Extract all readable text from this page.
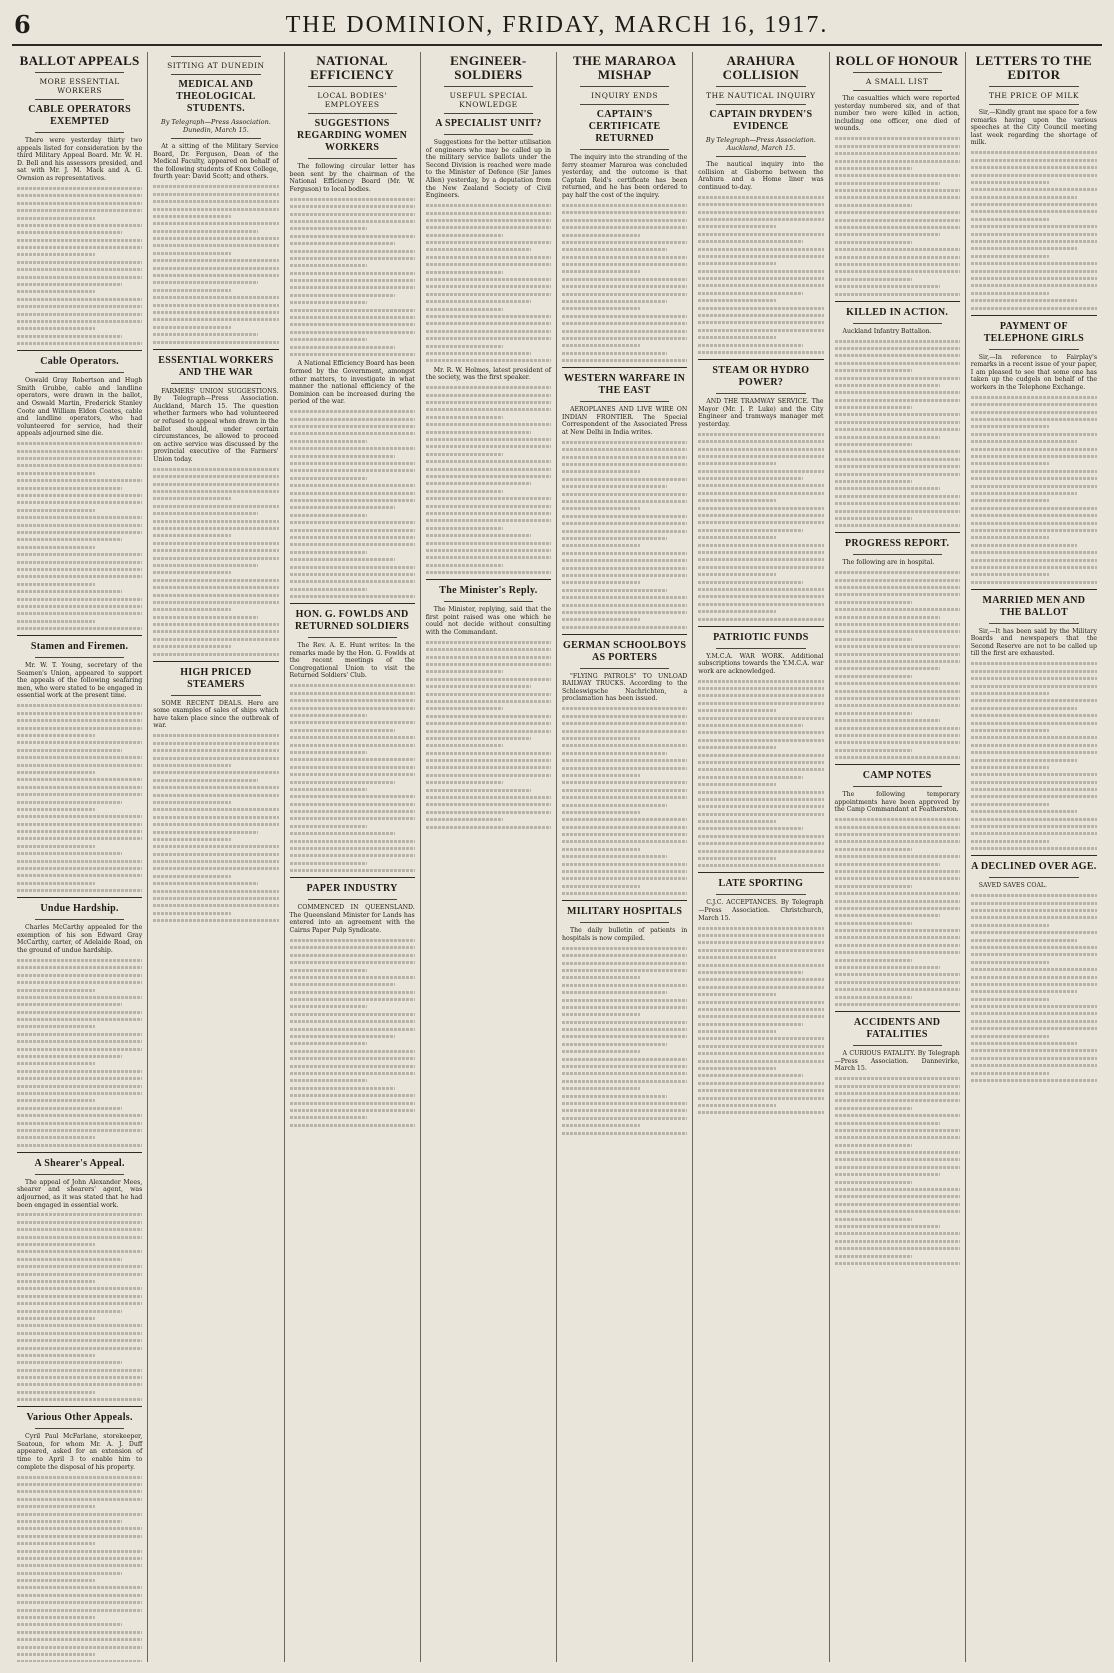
6	THE DOMINION, FRIDAY, MARCH 16, 1917.
BALLOT APPEALS
MORE ESSENTIAL WORKERS
CABLE OPERATORS EXEMPTED

There were yesterday thirty two appeals listed for consideration by the third Military Appeal Board. Mr. W. H. D. Bell and his assessors presided, and sat with Mr. J. M. Mack and A. G. Ownsion as representatives.

Cable Operators.

Oswald Gray Robertson and Hugh Smith Grubbe, cable and landline operators, were drawn in the ballot, and Oswald Martin, Frederick Stanley Coote and William Eldon Coates, cable and landline operators, who had volunteered for service, had their appeals adjourned sine die.

Stamen and Firemen.

Mr. W. T. Young, secretary of the Seamen's Union, appeared to support the appeals of the following seafaring men, who were stated to be engaged in essential work at the present time.

Undue Hardship.

Charles McCarthy appealed for the exemption of his son Edward Gray McCarthy, carter, of Adelaide Road, on the ground of undue hardship.

A Shearer's Appeal.

The appeal of John Alexander Mees, shearer and shearers' agent, was adjourned, as it was stated that he had been engaged in essential work.

Various Other Appeals.

Cyril Paul McFarlane, storekeeper, Seatoun, for whom Mr. A. J. Duff appeared, asked for an extension of time to April 3 to enable him to complete the disposal of his property.

SITTING AT DUNEDIN
MEDICAL AND THEOLOGICAL STUDENTS.
By Telegraph—Press Association. Dunedin, March 15.

At a sitting of the Military Service Board, Dr. Ferguson, Dean of the Medical Faculty, appeared on behalf of the following students of Knox College, fourth year: David Scott; and others.

ESSENTIAL WORKERS AND THE WAR

FARMERS' UNION SUGGESTIONS. By Telegraph—Press Association. Auckland, March 15. The question whether farmers who had volunteered or refused to appeal when drawn in the ballot should, under certain circumstances, be allowed to proceed on active service was discussed by the provincial executive of the Farmers' Union today.

HIGH PRICED STEAMERS

SOME RECENT DEALS. Here are some examples of sales of ships which have taken place since the outbreak of war.

NATIONAL EFFICIENCY
LOCAL BODIES' EMPLOYEES
SUGGESTIONS REGARDING WOMEN WORKERS

The following circular letter has been sent by the chairman of the National Efficiency Board (Mr. W. Ferguson) to local bodies.

A National Efficiency Board has been formed by the Government, amongst other matters, to investigate in what manner the national efficiency of the Dominion can be increased during the period of the war.

HON. G. FOWLDS AND RETURNED SOLDIERS

The Rev. A. E. Hunt writes: In the remarks made by the Hon. G. Fowlds at the recent meetings of the Congregational Union to visit the Returned Soldiers' Club.

PAPER INDUSTRY

COMMENCED IN QUEENSLAND. The Queensland Minister for Lands has entered into an agreement with the Cairns Paper Pulp Syndicate.

ENGINEER-SOLDIERS
USEFUL SPECIAL KNOWLEDGE
A SPECIALIST UNIT?

Suggestions for the better utilisation of engineers who may be called up in the military service ballots under the Second Division is reached were made to the Minister of Defence (Sir James Allen) yesterday, by a deputation from the New Zealand Society of Civil Engineers.

Mr. R. W. Holmes, latest president of the society, was the first speaker.

The Minister's Reply.

The Minister, replying, said that the first point raised was one which he could not decide without consulting with the Commandant.

THE MARAROA MISHAP
INQUIRY ENDS
CAPTAIN'S CERTIFICATE RETURNED

The inquiry into the stranding of the ferry steamer Mararoa was concluded yesterday, and the outcome is that Captain Reid's certificate has been returned, and he has been ordered to pay half the cost of the inquiry.

WESTERN WARFARE IN THE EAST

AEROPLANES AND LIVE WIRE ON INDIAN FRONTIER. The Special Correspondent of the Associated Press at New Delhi in India writes.

GERMAN SCHOOLBOYS AS PORTERS

"FLYING PATROLS" TO UNLOAD RAILWAY TRUCKS. According to the Schleswigsche Nachrichten, a proclamation has been issued.

MILITARY HOSPITALS

The daily bulletin of patients in hospitals is now compiled.

ARAHURA COLLISION
THE NAUTICAL INQUIRY
CAPTAIN DRYDEN'S EVIDENCE
By Telegraph—Press Association. Auckland, March 15.

The nautical inquiry into the collision at Gisborne between the Arahura and a Home liner was continued to-day.

STEAM OR HYDRO POWER?

AND THE TRAMWAY SERVICE. The Mayor (Mr. J. P. Luke) and the City Engineer and tramways manager met yesterday.

PATRIOTIC FUNDS

Y.M.C.A. WAR WORK. Additional subscriptions towards the Y.M.C.A. war work are acknowledged.

LATE SPORTING

C.J.C. ACCEPTANCES. By Telegraph—Press Association. Christchurch, March 15.

ROLL OF HONOUR
A SMALL LIST

The casualties which were reported yesterday numbered six, and of that number two were killed in action, including one officer, one died of wounds.

KILLED IN ACTION.

Auckland Infantry Battalion.

PROGRESS REPORT.

The following are in hospital.

CAMP NOTES

The following temporary appointments have been approved by the Camp Commandant at Featherston.

ACCIDENTS AND FATALITIES

A CURIOUS FATALITY. By Telegraph—Press Association. Dannevirke, March 15.

LETTERS TO THE EDITOR
THE PRICE OF MILK

Sir,—Kindly grant me space for a few remarks having upon the various speeches at the City Council meeting last week regarding the shortage of milk.

PAYMENT OF TELEPHONE GIRLS

Sir,—In reference to Fairplay's remarks in a recent issue of your paper, I am pleased to see that some one has taken up the cudgels on behalf of the workers in the Telephone Exchange.

MARRIED MEN AND THE BALLOT

Sir,—It has been said by the Military Boards and newspapers that the Second Reserve are not to be called up till the first are exhausted.

A DECLINED OVER AGE.

SAVED SAVES COAL.
